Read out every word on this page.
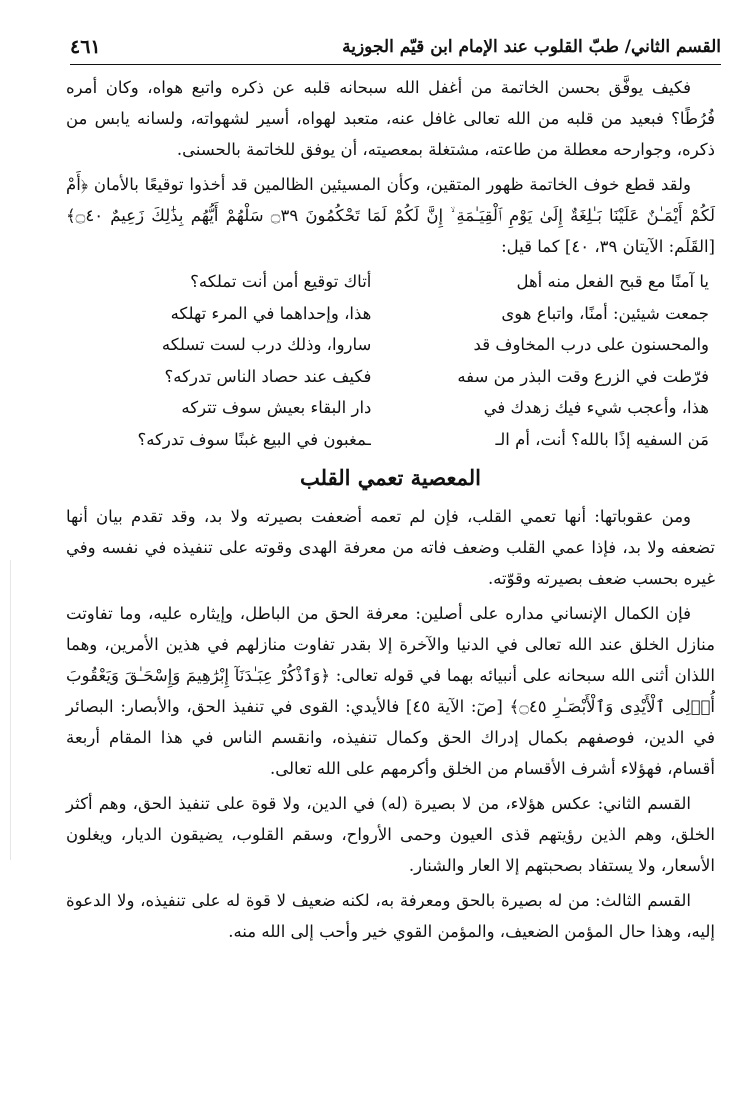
القسم الثاني/ طبّ القلوب عند الإمام ابن قيّم الجوزية
٤٦١

فكيف يوفَّق بحسن الخاتمة من أغفل الله سبحانه قلبه عن ذكره واتبع هواه، وكان أمره فُرُطًا؟ فبعيد من قلبه من الله تعالى غافل عنه، متعبد لهواه، أسير لشهواته، ولسانه يابس من ذكره، وجوارحه معطلة من طاعته، مشتغلة بمعصيته، أن يوفق للخاتمة بالحسنى.

ولقد قطع خوف الخاتمة ظهور المتقين، وكأن المسيئين الظالمين قد أخذوا توقيعًا بالأمان ﴿أَمْ لَكُمْ أَيْمَـٰنٌ عَلَيْنَا بَـٰلِغَةٌ إِلَىٰ يَوْمِ ٱلْقِيَـٰمَةِ ۙ إِنَّ لَكُمْ لَمَا تَحْكُمُونَ ۝٣٩ سَلْهُمْ أَيُّهُم بِذَٰلِكَ زَعِيمٌ ۝٤٠﴾ [القَلَم: الآيتان ٣٩، ٤٠] كما قيل:

يا آمنًا مع قبح الفعل منه أهل
أتاك توقيع أمن أنت تملكه؟
جمعت شيئين: أمنًا، واتباع هوى
هذا، وإحداهما في المرء تهلكه
والمحسنون على درب المخاوف قد
ساروا، وذلك درب لست تسلكه
فرّطت في الزرع وقت البذر من سفه
فكيف عند حصاد الناس تدركه؟
هذا، وأعجب شيء فيك زهدك في
دار البقاء بعيش سوف تتركه
مَن السفيه إذًا بالله؟ أنت، أم الـ
ـمغبون في البيع غبنًا سوف تدركه؟
المعصية تعمي القلب

ومن عقوباتها: أنها تعمي القلب، فإن لم تعمه أضعفت بصيرته ولا بد، وقد تقدم بيان أنها تضعفه ولا بد، فإذا عمي القلب وضعف فاته من معرفة الهدى وقوته على تنفيذه في نفسه وفي غيره بحسب ضعف بصيرته وقوّته.

فإن الكمال الإنساني مداره على أصلين: معرفة الحق من الباطل، وإيثاره عليه، وما تفاوتت منازل الخلق عند الله تعالى في الدنيا والآخرة إلا بقدر تفاوت منازلهم في هذين الأمرين، وهما اللذان أثنى الله سبحانه على أنبيائه بهما في قوله تعالى: ﴿وَٱذْكُرْ عِبَـٰدَنَآ إِبْرَٰهِيمَ وَإِسْحَـٰقَ وَيَعْقُوبَ أُو۟لِى ٱلْأَيْدِى وَٱلْأَبْصَـٰرِ ۝٤٥﴾ [صٓ: الآية ٤٥] فالأيدي: القوى في تنفيذ الحق، والأبصار: البصائر في الدين، فوصفهم بكمال إدراك الحق وكمال تنفيذه، وانقسم الناس في هذا المقام أربعة أقسام، فهؤلاء أشرف الأقسام من الخلق وأكرمهم على الله تعالى.

القسم الثاني: عكس هؤلاء، من لا بصيرة (له) في الدين، ولا قوة على تنفيذ الحق، وهم أكثر الخلق، وهم الذين رؤيتهم قذى العيون وحمى الأرواح، وسقم القلوب، يضيقون الديار، ويغلون الأسعار، ولا يستفاد بصحبتهم إلا العار والشنار.

القسم الثالث: من له بصيرة بالحق ومعرفة به، لكنه ضعيف لا قوة له على تنفيذه، ولا الدعوة إليه، وهذا حال المؤمن الضعيف، والمؤمن القوي خير وأحب إلى الله منه.
